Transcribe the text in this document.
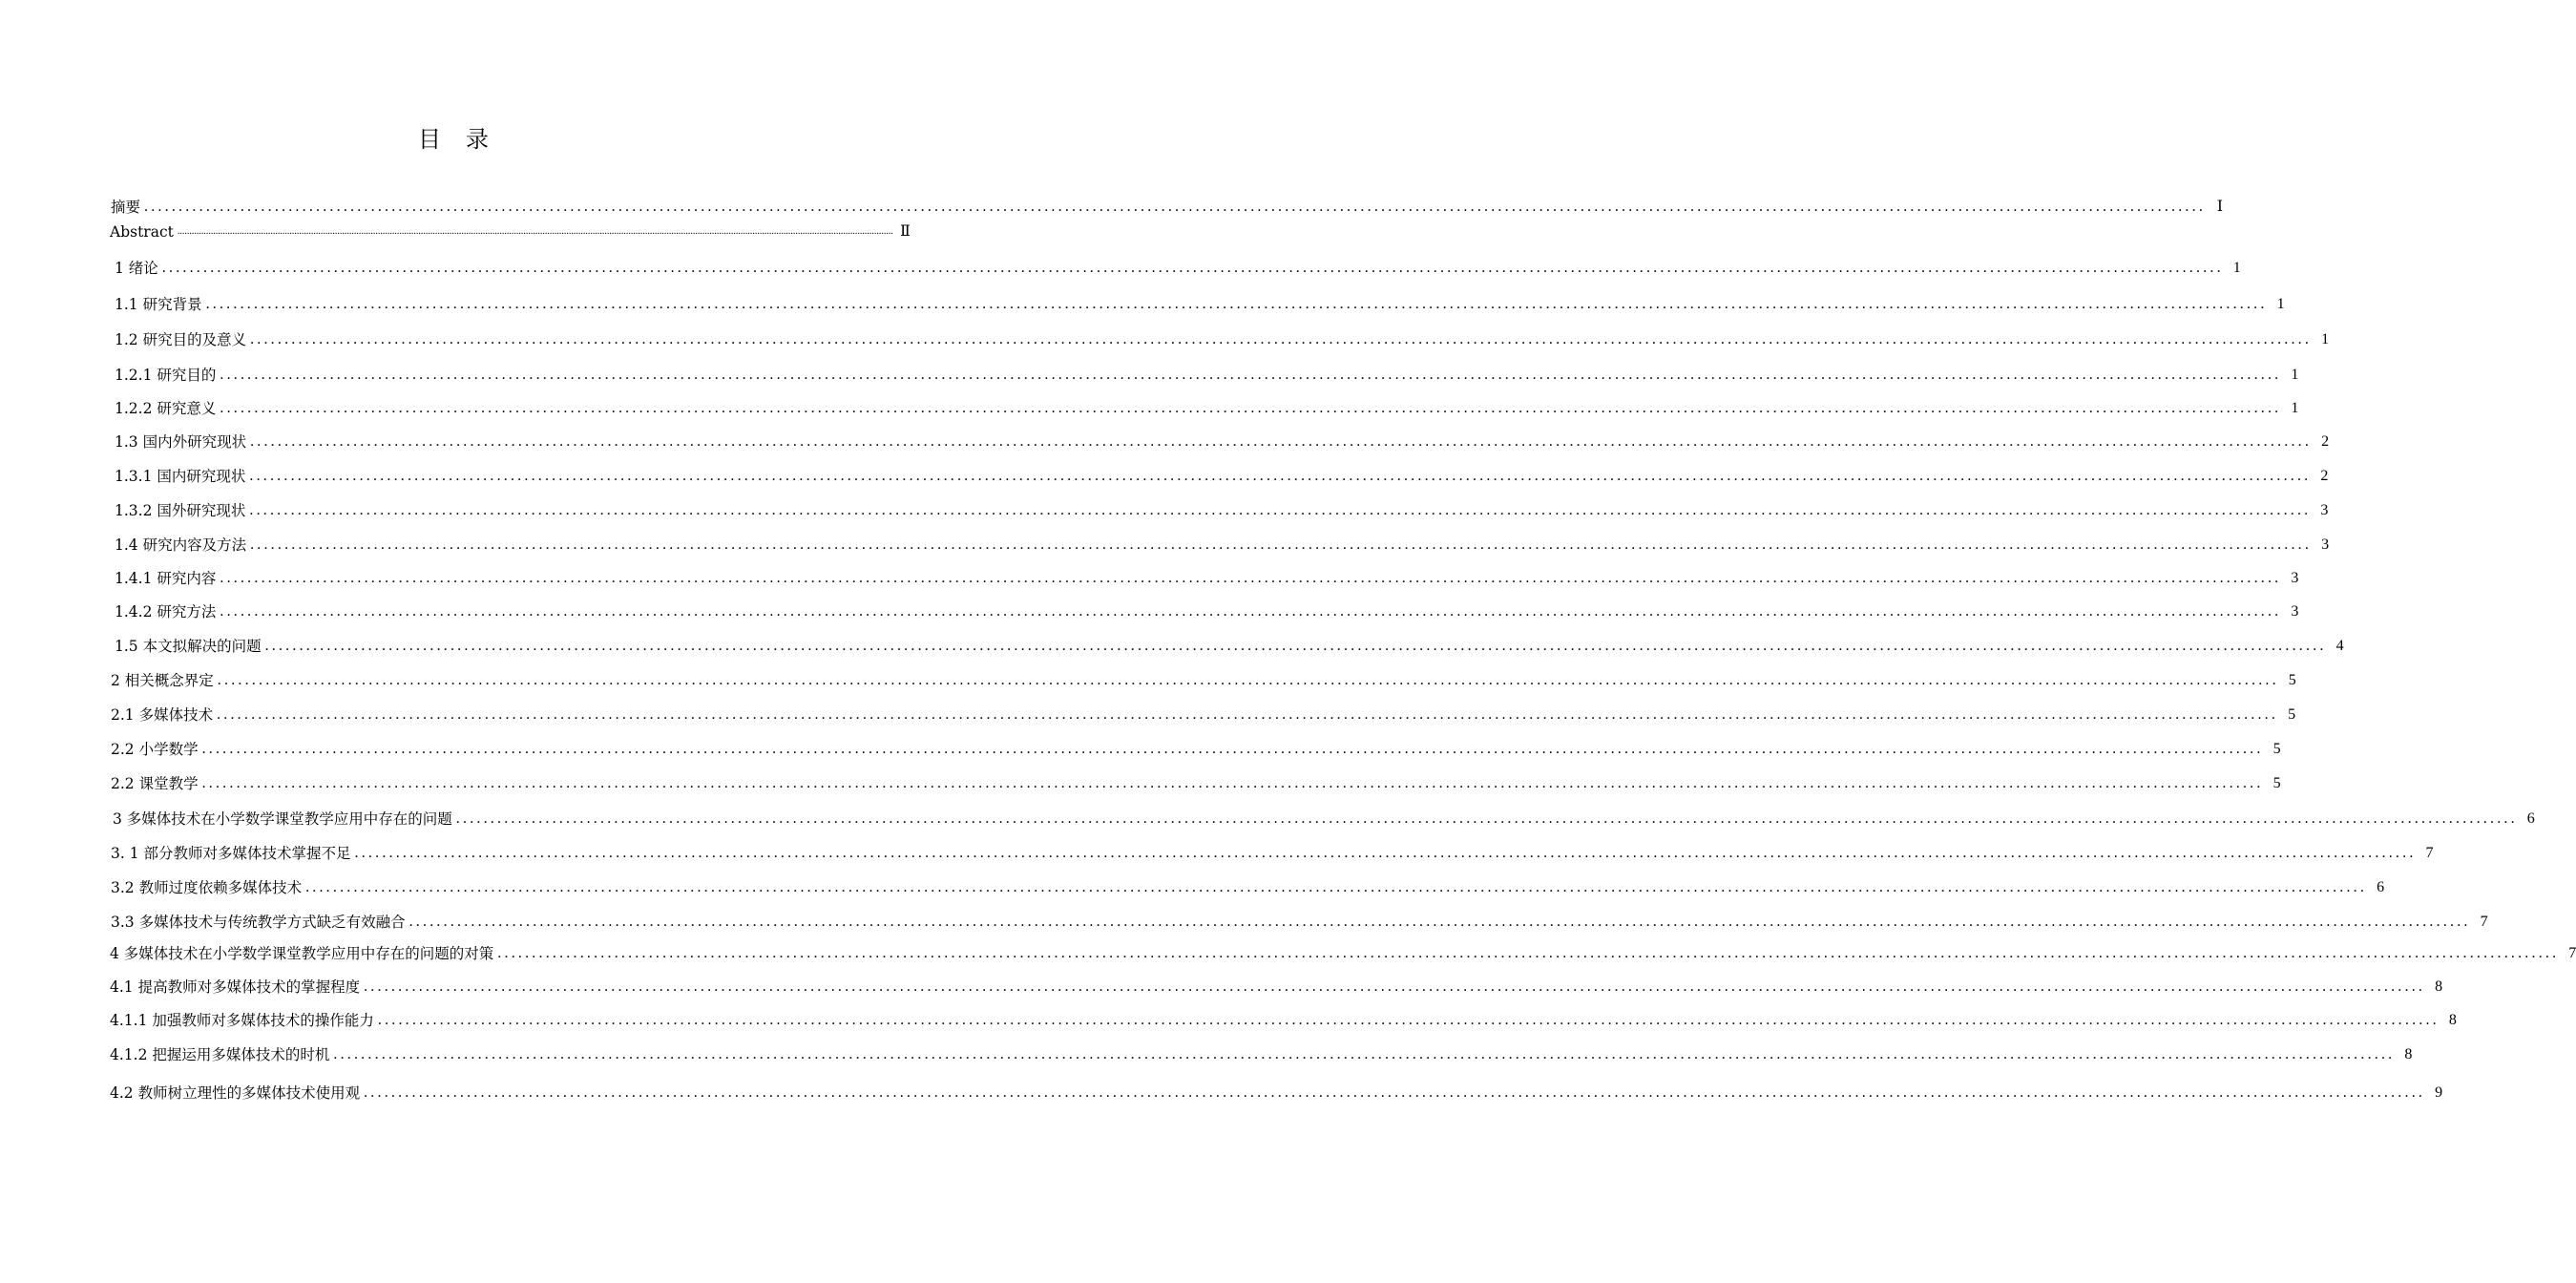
目录
摘要 ............................................................................................................................................................................................................................................................................................................ Ⅰ
Abstract ............................................................................................................................................................................................................................................................................................................ Ⅱ
1 绪论 ............................................................................................................................................................................................................................................................................................................ 1
1.1 研究背景 ............................................................................................................................................................................................................................................................................................................ 1
1.2 研究目的及意义 ............................................................................................................................................................................................................................................................................................................ 1
1.2.1 研究目的 ............................................................................................................................................................................................................................................................................................................ 1
1.2.2 研究意义 ............................................................................................................................................................................................................................................................................................................ 1
1.3 国内外研究现状 ............................................................................................................................................................................................................................................................................................................ 2
1.3.1 国内研究现状 ............................................................................................................................................................................................................................................................................................................ 2
1.3.2 国外研究现状 ............................................................................................................................................................................................................................................................................................................ 3
1.4 研究内容及方法 ............................................................................................................................................................................................................................................................................................................ 3
1.4.1 研究内容 ............................................................................................................................................................................................................................................................................................................ 3
1.4.2 研究方法 ............................................................................................................................................................................................................................................................................................................ 3
1.5 本文拟解决的问题 ............................................................................................................................................................................................................................................................................................................ 4
2 相关概念界定 ............................................................................................................................................................................................................................................................................................................ 5
2.1 多媒体技术 ............................................................................................................................................................................................................................................................................................................ 5
2.2 小学数学 ............................................................................................................................................................................................................................................................................................................ 5
2.2 课堂教学 ............................................................................................................................................................................................................................................................................................................ 5
3 多媒体技术在小学数学课堂教学应用中存在的问题 ............................................................................................................................................................................................................................................................................................................ 6
3. 1 部分教师对多媒体技术掌握不足 ............................................................................................................................................................................................................................................................................................................ 7
3.2 教师过度依赖多媒体技术 ............................................................................................................................................................................................................................................................................................................ 6
3.3 多媒体技术与传统教学方式缺乏有效融合 ............................................................................................................................................................................................................................................................................................................ 7
4 多媒体技术在小学数学课堂教学应用中存在的问题的对策 ............................................................................................................................................................................................................................................................................................................ 7
4.1 提高教师对多媒体技术的掌握程度 ............................................................................................................................................................................................................................................................................................................ 8
4.1.1 加强教师对多媒体技术的操作能力 ............................................................................................................................................................................................................................................................................................................ 8
4.1.2 把握运用多媒体技术的时机 ............................................................................................................................................................................................................................................................................................................ 8
4.2 教师树立理性的多媒体技术使用观 ............................................................................................................................................................................................................................................................................................................ 9
